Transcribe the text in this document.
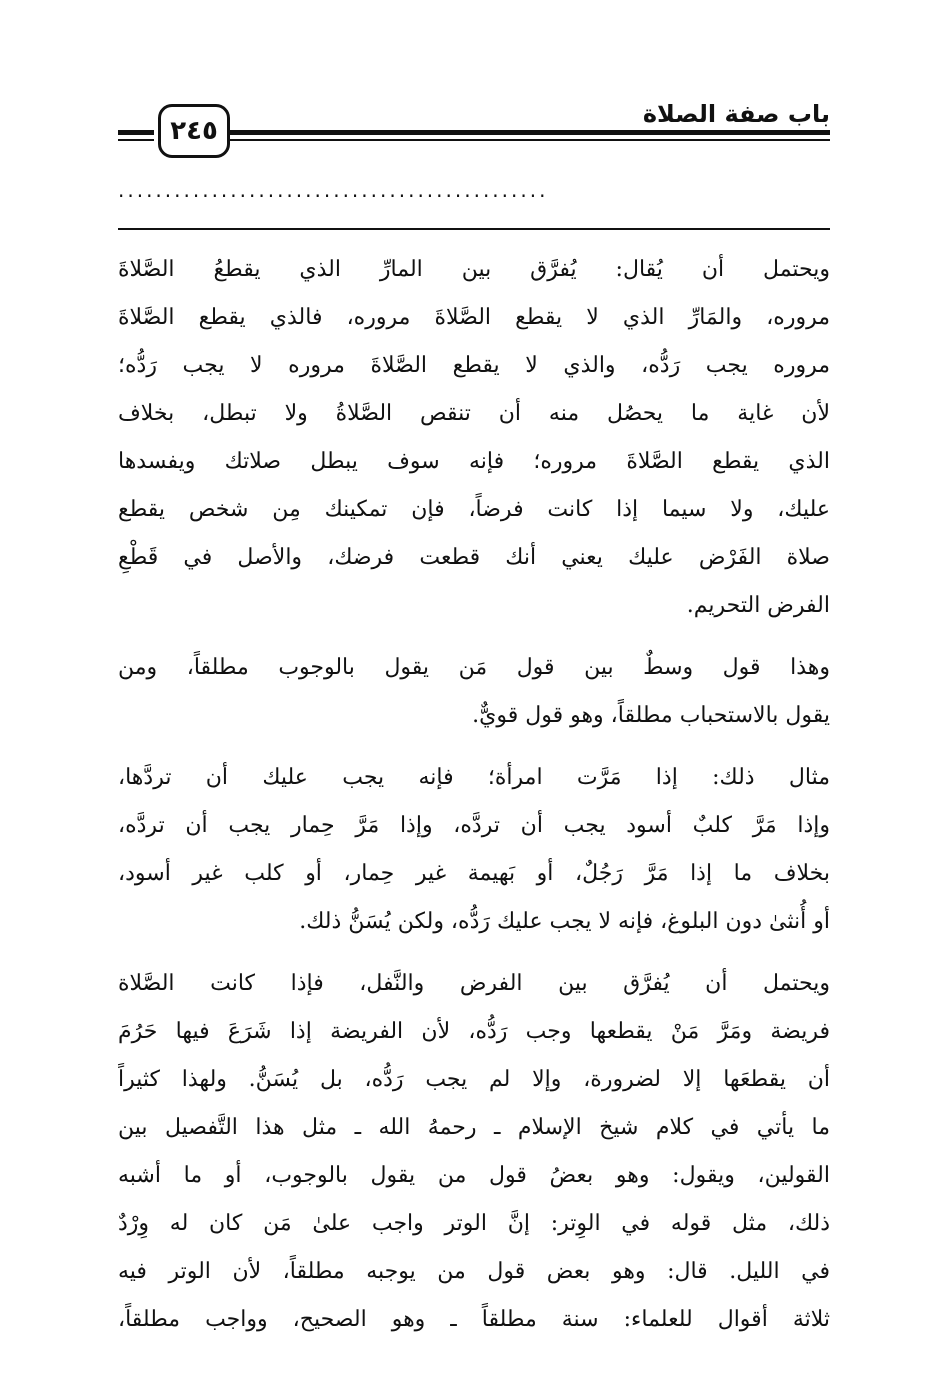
٢٤٥
باب صفة الصلاة
..............................................
ويحتمل أن يُقال: يُفرَّق بين المارِّ الذي يقطعُ الصَّلاةَ
مروره، والمَارِّ الذي لا يقطع الصَّلاةَ مروره، فالذي يقطع الصَّلاةَ
مروره يجب رَدُّه، والذي لا يقطع الصَّلاةَ مروره لا يجب رَدُّه؛
لأن غاية ما يحصُل منه أن تنقص الصَّلاةُ ولا تبطل، بخلاف
الذي يقطع الصَّلاةَ مروره؛ فإنه سوف يبطل صلاتك ويفسدها
عليك، ولا سيما إذا كانت فرضاً، فإن تمكينك مِن شخص يقطع
صلاة الفَرْض عليك يعني أنك قطعت فرضك، والأصل في قَطْعِ
الفرض التحريم.
وهذا قول وسطٌ بين قول مَن يقول بالوجوب مطلقاً، ومن
يقول بالاستحباب مطلقاً، وهو قول قويٌّ.
مثال ذلك: إذا مَرَّت امرأة؛ فإنه يجب عليك أن تردَّها،
وإذا مَرَّ كلبٌ أسود يجب أن تردَّه، وإذا مَرَّ حِمار يجب أن تردَّه،
بخلاف ما إذا مَرَّ رَجُلٌ، أو بَهيمة غير حِمار، أو كلب غير أسود،
أو أُنثىٰ دون البلوغ، فإنه لا يجب عليك رَدُّه، ولكن يُسَنُّ ذلك.
ويحتمل أن يُفرَّق بين الفرض والنَّفل، فإذا كانت الصَّلاة
فريضة ومَرَّ مَنْ يقطعها وجب رَدُّه، لأن الفريضة إذا شَرَعَ فيها حَرُمَ
أن يقطعَها إلا لضرورة، وإلا لم يجب رَدُّه، بل يُسَنُّ. ولهذا كثيراً
ما يأتي في كلام شيخ الإسلام ـ رحمهُ الله ـ مثل هذا التَّفصيل بين
القولين، ويقول: وهو بعضُ قول من يقول بالوجوب، أو ما أشبه
ذلك، مثل قوله في الوِتر: إنَّ الوتر واجب علىٰ مَن كان له وِرْدٌ
في الليل. قال: وهو بعض قول من يوجبه مطلقاً، لأن الوتر فيه
ثلاثة أقوال للعلماء: سنة مطلقاً ـ وهو الصحيح، وواجب مطلقاً،
